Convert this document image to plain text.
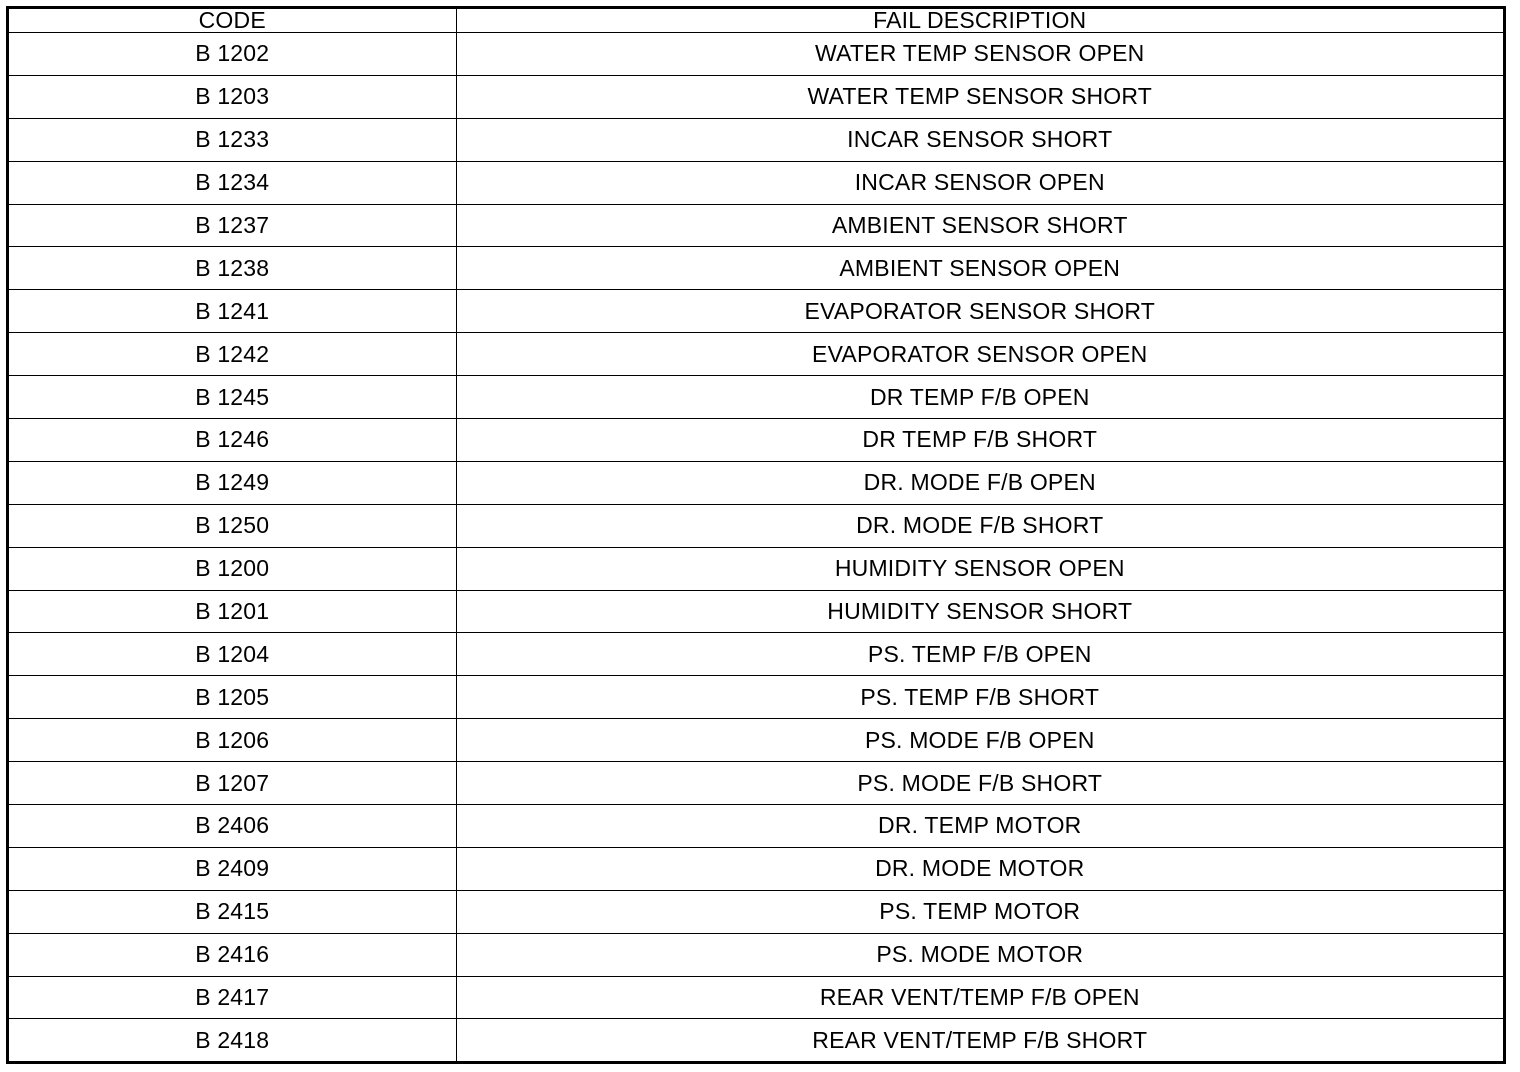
CODE	FAIL DESCRIPTION
B 1202	WATER TEMP SENSOR OPEN
B 1203	WATER TEMP SENSOR SHORT
B 1233	INCAR SENSOR SHORT
B 1234	INCAR SENSOR OPEN
B 1237	AMBIENT SENSOR SHORT
B 1238	AMBIENT SENSOR OPEN
B 1241	EVAPORATOR SENSOR SHORT
B 1242	EVAPORATOR SENSOR OPEN
B 1245	DR TEMP F/B OPEN
B 1246	DR TEMP F/B SHORT
B 1249	DR. MODE F/B OPEN
B 1250	DR. MODE F/B SHORT
B 1200	HUMIDITY SENSOR OPEN
B 1201	HUMIDITY SENSOR SHORT
B 1204	PS. TEMP F/B OPEN
B 1205	PS. TEMP F/B SHORT
B 1206	PS. MODE F/B OPEN
B 1207	PS. MODE F/B SHORT
B 2406	DR. TEMP MOTOR
B 2409	DR. MODE MOTOR
B 2415	PS. TEMP MOTOR
B 2416	PS. MODE MOTOR
B 2417	REAR VENT/TEMP F/B OPEN
B 2418	REAR VENT/TEMP F/B SHORT
